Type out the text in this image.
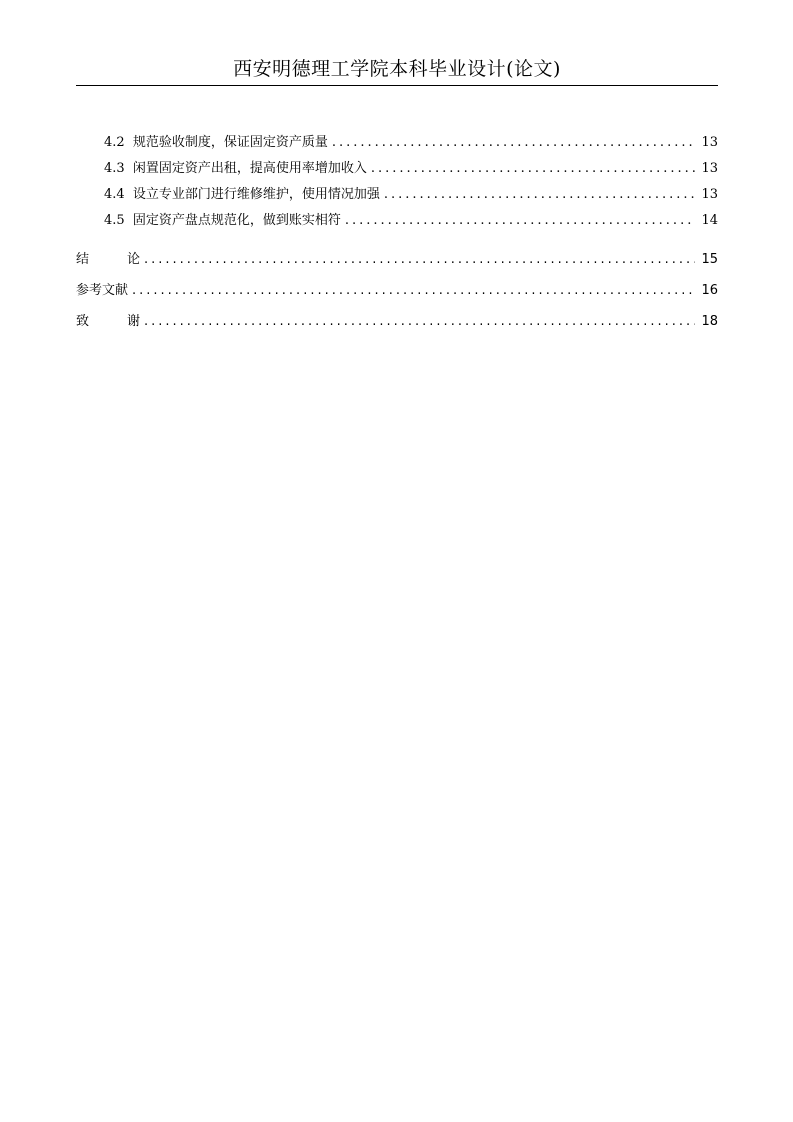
西安明德理工学院本科毕业设计(论文)
4.2 规范验收制度，保证固定资产质量 .....	13
4.3 闲置固定资产出租，提高使用率增加收入 .....	13
4.4 设立专业部门进行维修维护，使用情况加强 .....	13
4.5 固定资产盘点规范化，做到账实相符 .....	14
结论 .....	15
参考文献 .....	16
致谢 .....	18
